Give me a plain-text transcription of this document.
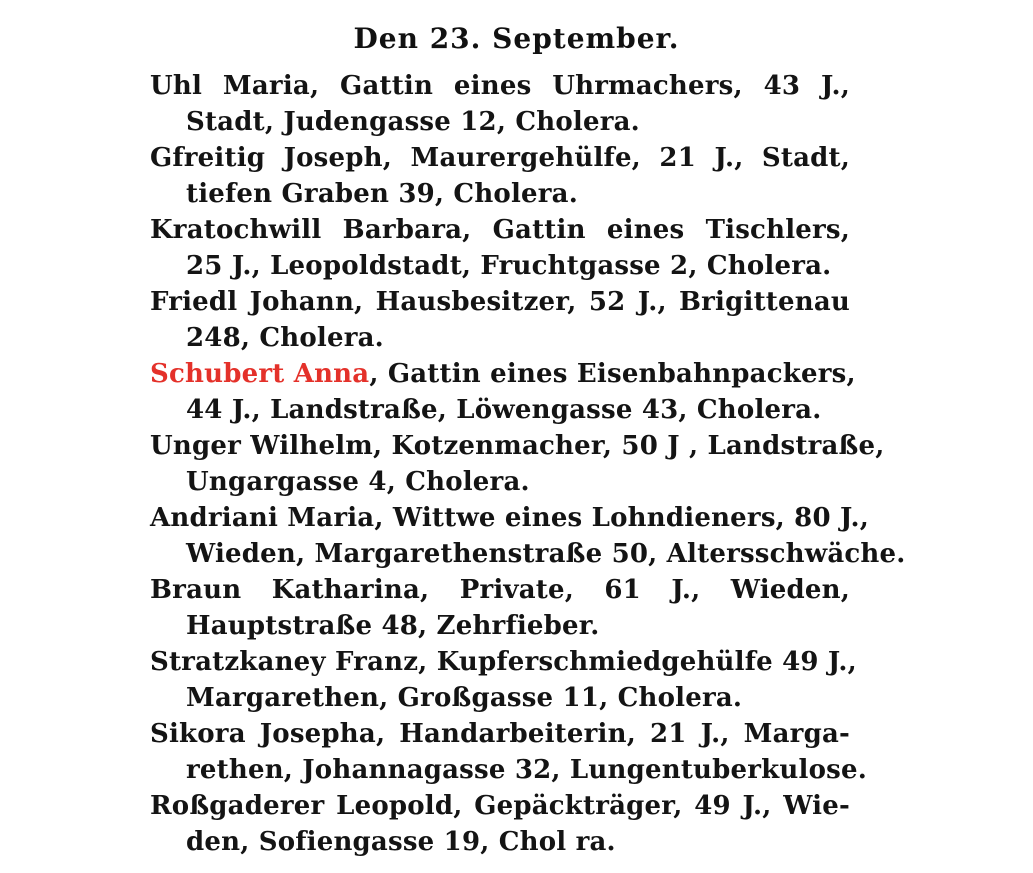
Den 23. September.
Uhl Maria, Gattin eines Uhrmachers, 43 J.,
Stadt, Judengasse 12, Cholera.
Gfreitig Joseph, Maurergehülfe, 21 J., Stadt,
tiefen Graben 39, Cholera.
Kratochwill Barbara, Gattin eines Tischlers,
25 J., Leopoldstadt, Fruchtgasse 2, Cholera.
Friedl Johann, Hausbesitzer, 52 J., Brigittenau
248, Cholera.
Schubert Anna, Gattin eines Eisenbahnpackers,
44 J., Landstraße, Löwengasse 43, Cholera.
Unger Wilhelm, Kotzenmacher, 50 J , Landstraße,
Ungargasse 4, Cholera.
Andriani Maria, Wittwe eines Lohndieners, 80 J.,
Wieden, Margarethenstraße 50, Altersschwäche.
Braun Katharina, Private, 61 J., Wieden,
Hauptstraße 48, Zehrfieber.
Stratzkaney Franz, Kupferschmiedgehülfe 49 J.,
Margarethen, Großgasse 11, Cholera.
Sikora Josepha, Handarbeiterin, 21 J., Marga-
rethen, Johannagasse 32, Lungentuberkulose.
Roßgaderer Leopold, Gepäckträger, 49 J., Wie-
den, Sofiengasse 19, Chol ra.
